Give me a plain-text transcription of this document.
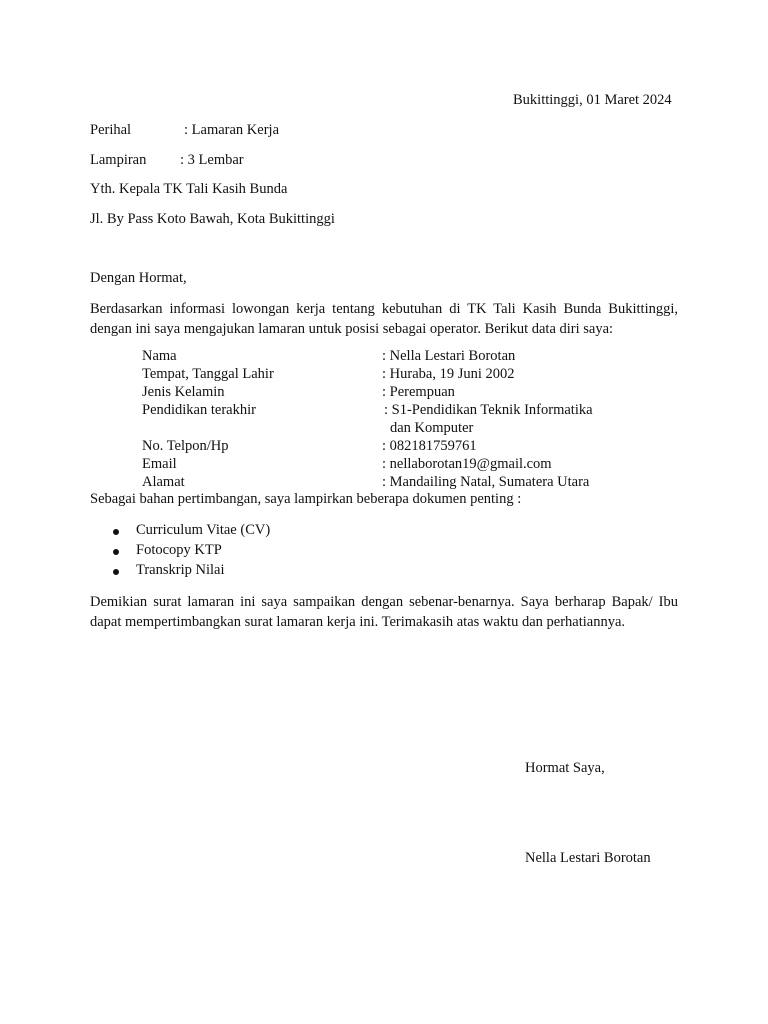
Bukittinggi, 01 Maret 2024
Perihal	: Lamaran Kerja
Lampiran : 3 Lembar
Yth. Kepala TK Tali Kasih Bunda
Jl. By Pass Koto Bawah, Kota Bukittinggi
Dengan Hormat,
Berdasarkan informasi lowongan kerja tentang kebutuhan di TK Tali Kasih Bunda Bukittinggi,
dengan ini saya mengajukan lamaran untuk posisi sebagai operator. Berikut data diri saya:
Nama	: Nella Lestari Borotan
Tempat, Tanggal Lahir	: Huraba, 19 Juni 2002
Jenis Kelamin	: Perempuan
Pendidikan terakhir	: S1-Pendidikan Teknik Informatika
dan Komputer
No. Telpon/Hp	: 082181759761
Email	: nellaborotan19@gmail.com
Alamat	: Mandailing Natal, Sumatera Utara
Sebagai bahan pertimbangan, saya lampirkan beberapa dokumen penting :
Curriculum Vitae (CV)
Fotocopy KTP
Transkrip Nilai
Demikian surat lamaran ini saya sampaikan dengan sebenar-benarnya. Saya berharap Bapak/ Ibu
dapat mempertimbangkan surat lamaran kerja ini. Terimakasih atas waktu dan perhatiannya.
Hormat Saya,
Nella Lestari Borotan
